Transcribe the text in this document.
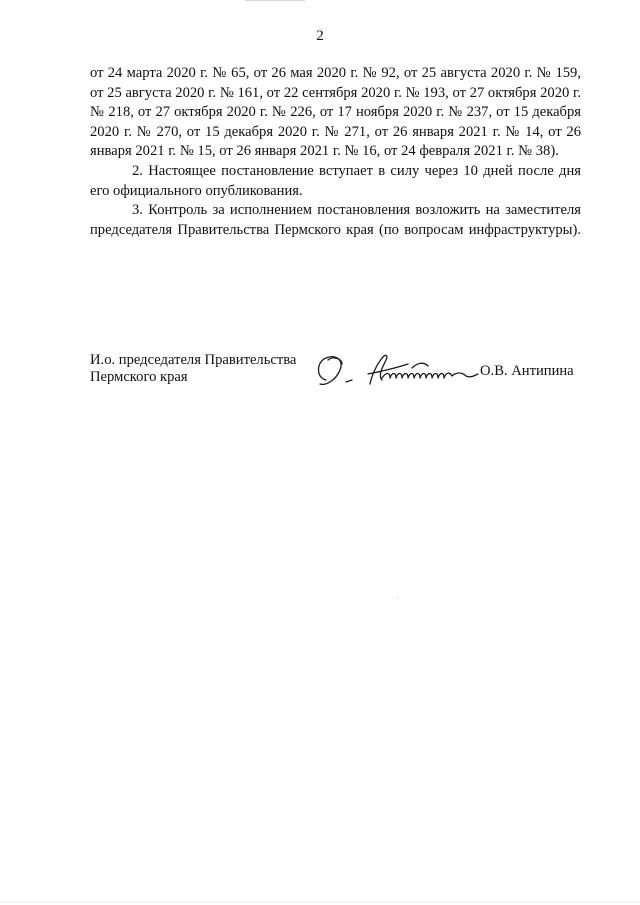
2

от 24 марта 2020 г. № 65, от 26 мая 2020 г. № 92, от 25 августа 2020 г. № 159, от 25 августа 2020 г. № 161, от 22 сентября 2020 г. № 193, от 27 октября 2020 г. № 218, от 27 октября 2020 г. № 226, от 17 ноября 2020 г. № 237, от 15 декабря 2020 г. № 270, от 15 декабря 2020 г. № 271, от 26 января 2021 г. № 14, от 26 января 2021 г. № 15, от 26 января 2021 г. № 16, от 24 февраля 2021 г. № 38).

2. Настоящее постановление вступает в силу через 10 дней после дня его официального опубликования.

3. Контроль за исполнением постановления возложить на заместителя председателя Правительства Пермского края (по вопросам инфраструктуры).

И.о. председателя Правительства
Пермского края	О.В. Антипина
